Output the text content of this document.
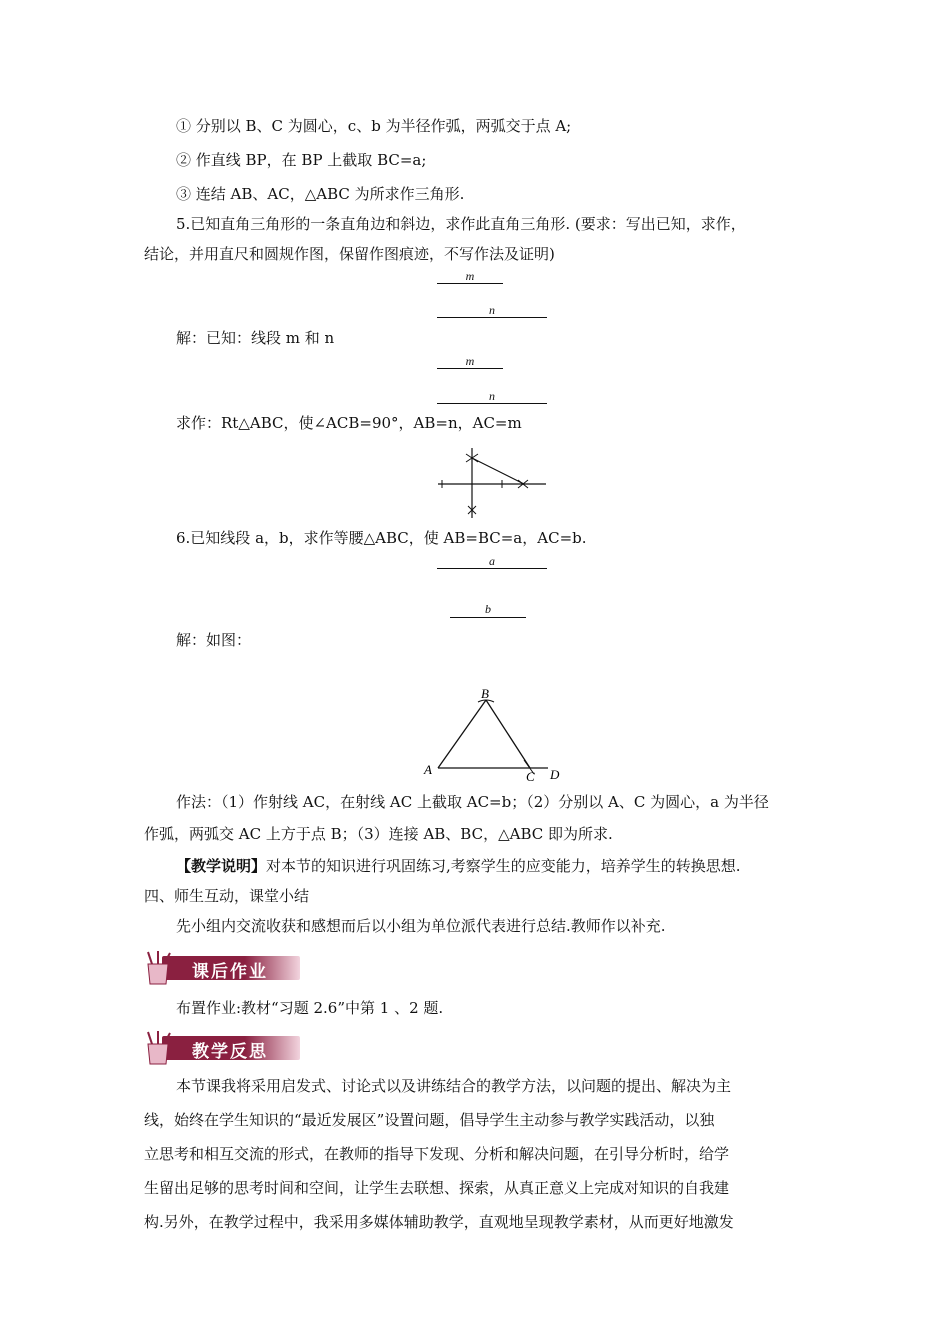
① 分别以 B、C 为圆心，c、b 为半径作弧，两弧交于点 A;
② 作直线 BP，在 BP 上截取 BC=a;
③ 连结 AB、AC，△ABC 为所求作三角形.
5.已知直角三角形的一条直角边和斜边，求作此直角三角形. (要求：写出已知，求作，
结论，并用直尺和圆规作图，保留作图痕迹，不写作法及证明)
m
n
解：已知：线段 m 和 n
m
n
求作：Rt△ABC，使∠ACB=90°，AB=n，AC=m
6.已知线段 a，b，求作等腰△ABC，使 AB=BC=a，AC=b.
a
b
解：如图：
B
A	C D
作法：（1）作射线 AC，在射线 AC 上截取 AC=b；（2）分别以 A、C 为圆心，a 为半径
作弧，两弧交 AC 上方于点 B；（3）连接 AB、BC，△ABC 即为所求.
【教学说明】对本节的知识进行巩固练习,考察学生的应变能力，培养学生的转换思想.
四、师生互动，课堂小结
先小组内交流收获和感想而后以小组为单位派代表进行总结.教师作以补充.
课后作业
布置作业:教材“习题 2.6”中第 1 、2 题.
教学反思
本节课我将采用启发式、讨论式以及讲练结合的教学方法，以问题的提出、解决为主
线，始终在学生知识的“最近发展区”设置问题，倡导学生主动参与教学实践活动，以独
立思考和相互交流的形式，在教师的指导下发现、分析和解决问题，在引导分析时，给学
生留出足够的思考时间和空间，让学生去联想、探索，从真正意义上完成对知识的自我建
构.另外，在教学过程中，我采用多媒体辅助教学，直观地呈现教学素材，从而更好地激发
